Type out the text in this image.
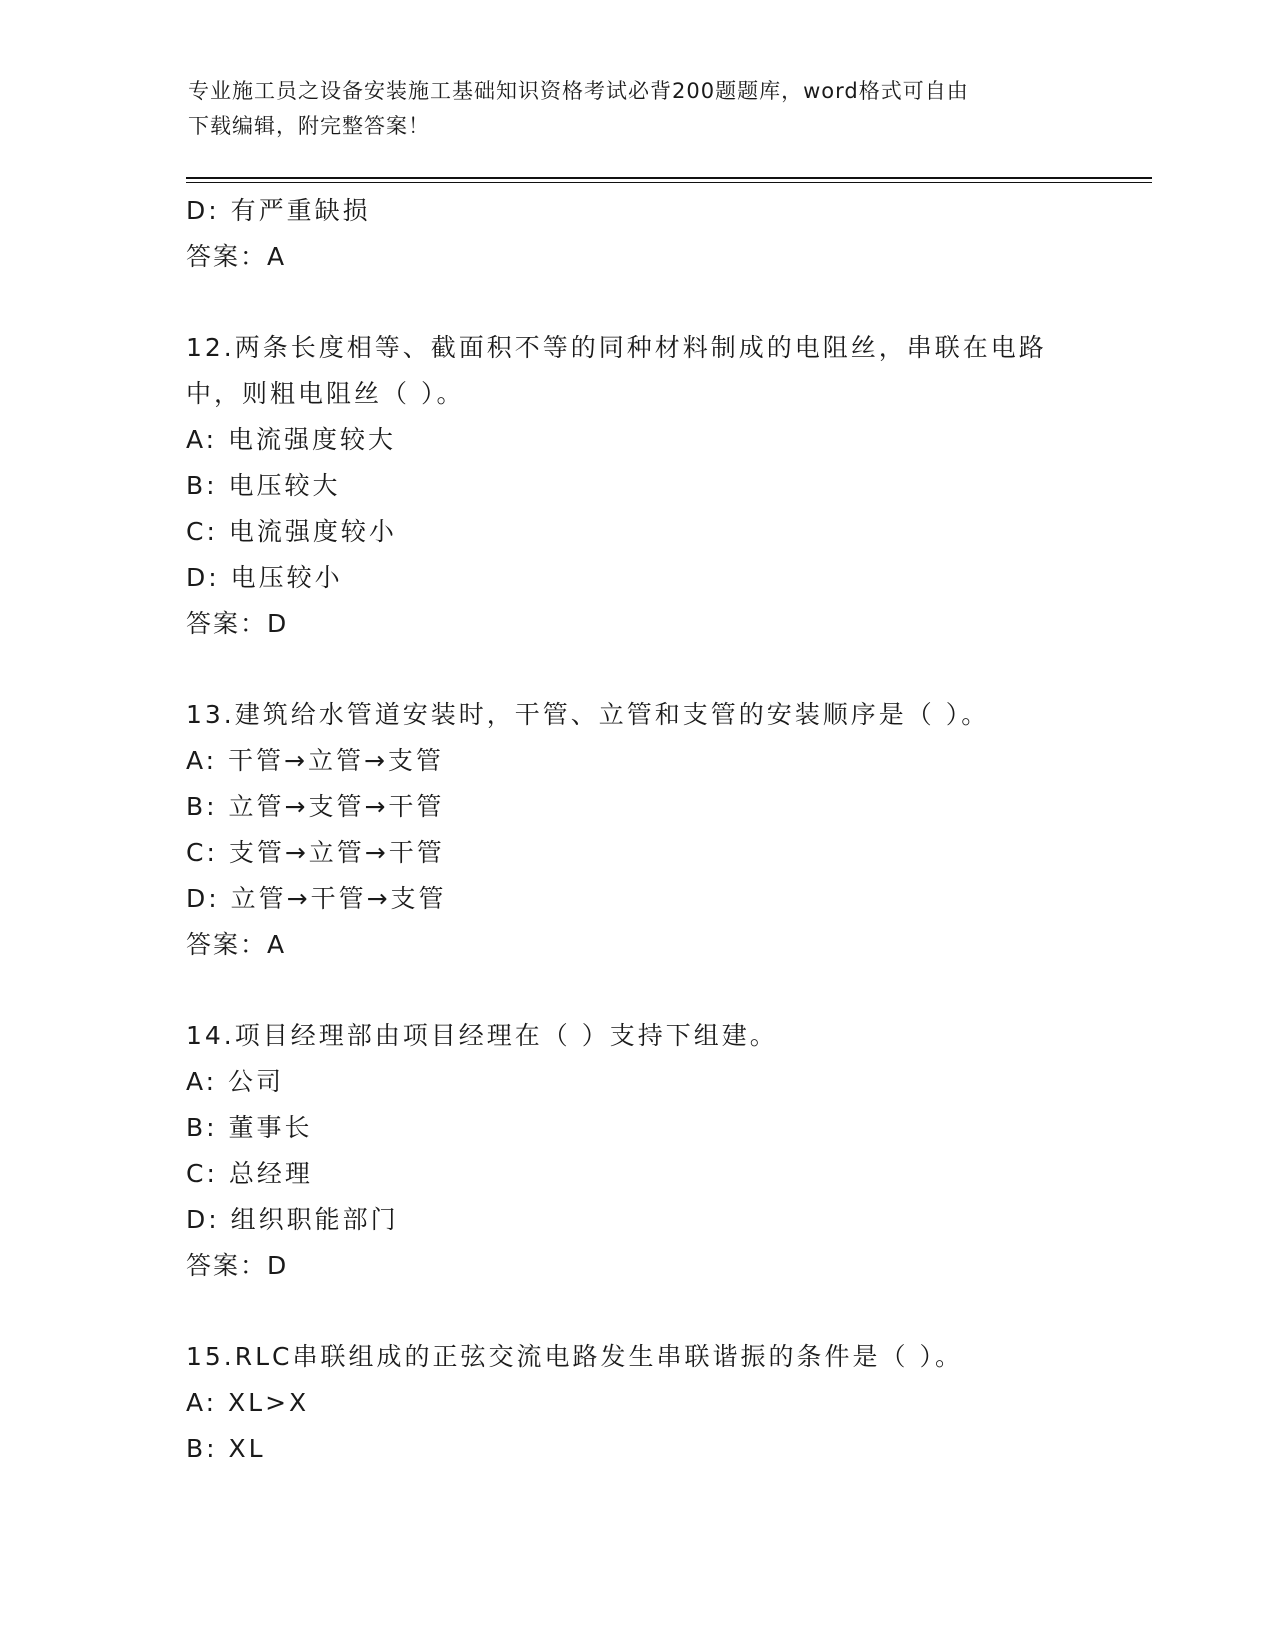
专业施工员之设备安装施工基础知识资格考试必背200题题库，word格式可自由
下载编辑，附完整答案！
D: 有严重缺损
答案：A
12.两条长度相等、截面积不等的同种材料制成的电阻丝，串联在电路
中，则粗电阻丝（ ）。
A: 电流强度较大
B: 电压较大
C: 电流强度较小
D: 电压较小
答案：D
13.建筑给水管道安装时，干管、立管和支管的安装顺序是（ ）。
A: 干管→立管→支管
B: 立管→支管→干管
C: 支管→立管→干管
D: 立管→干管→支管
答案：A
14.项目经理部由项目经理在（ ）支持下组建。
A: 公司
B: 董事长
C: 总经理
D: 组织职能部门
答案：D
15.RLC串联组成的正弦交流电路发生串联谐振的条件是（ ）。
A: XL>X
B: XL
